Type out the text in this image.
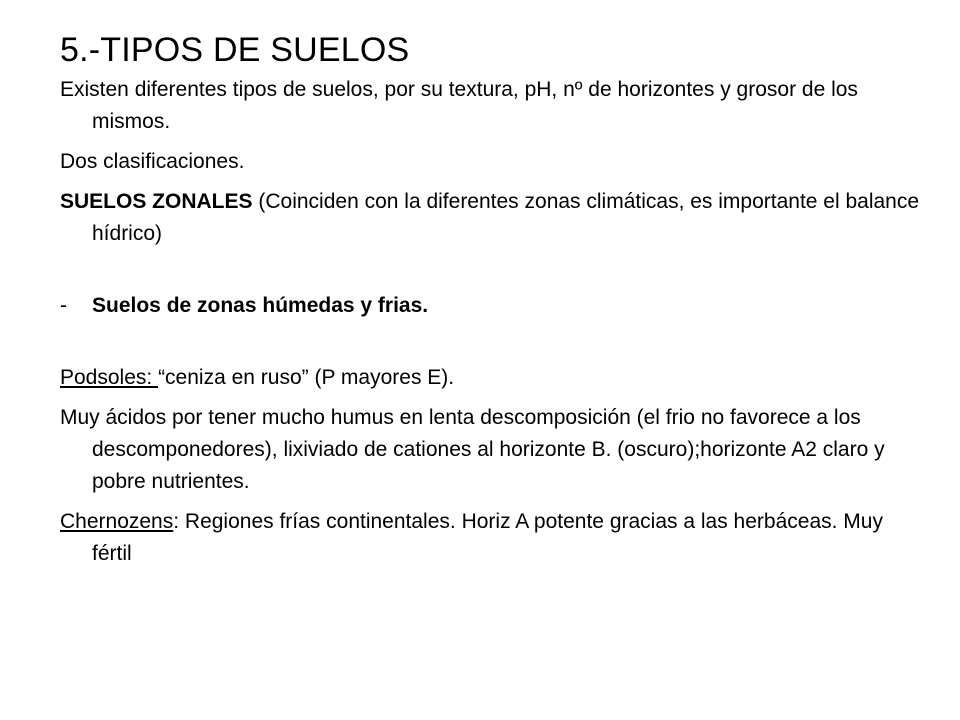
5.-TIPOS DE SUELOS

Existen diferentes tipos de suelos, por su textura, pH, nº de horizontes y grosor de los mismos.

Dos clasificaciones.

SUELOS ZONALES (Coinciden con la diferentes zonas climáticas, es importante el balance hídrico)

-	Suelos de zonas húmedas y frias.

Podsoles: “ceniza en ruso” (P mayores E).

Muy ácidos por tener mucho humus en lenta descomposición (el frio no favorece a los descomponedores), lixiviado de cationes al horizonte B. (oscuro);horizonte A2 claro y pobre nutrientes.

Chernozens: Regiones frías continentales. Horiz A potente gracias a las herbáceas. Muy fértil
